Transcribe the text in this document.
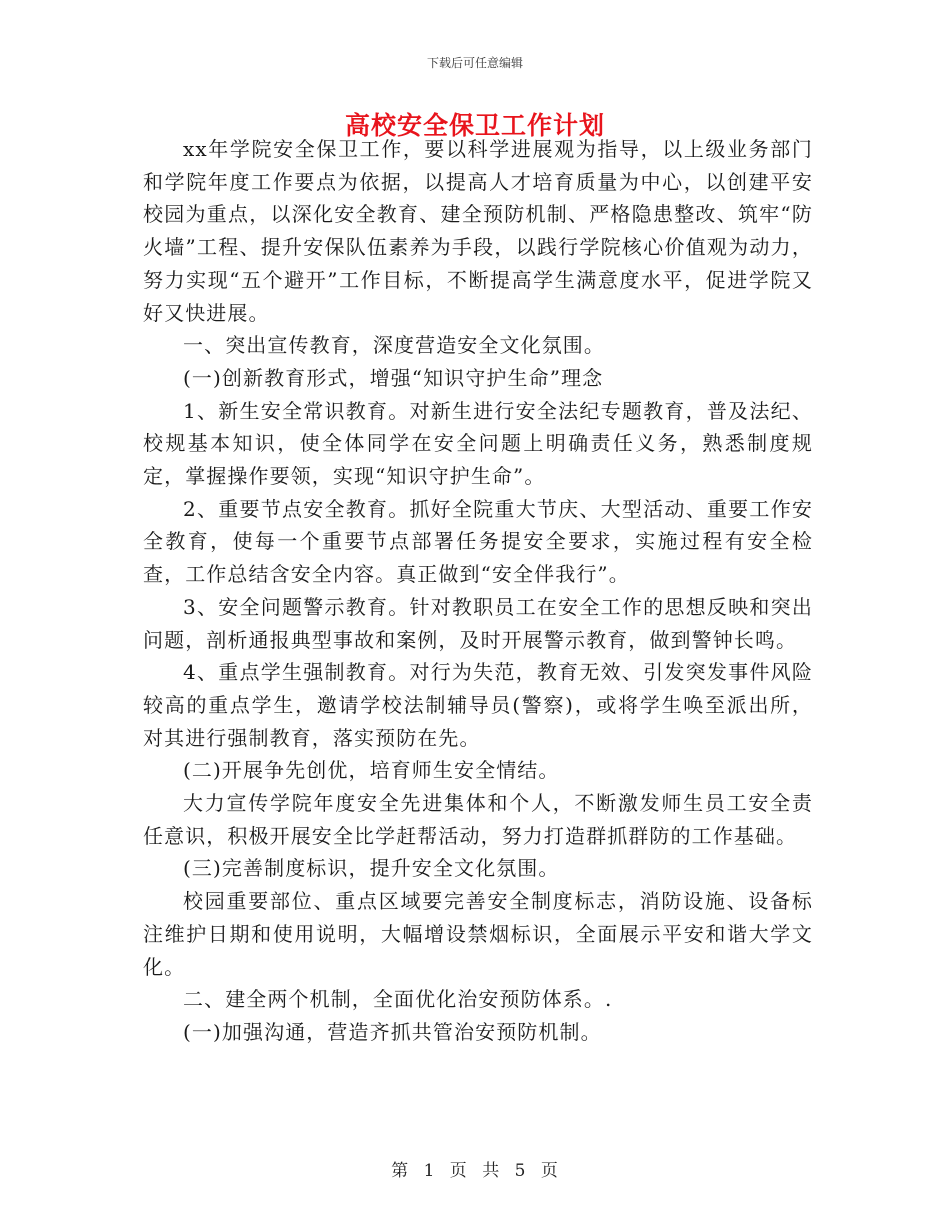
下载后可任意编辑
高校安全保卫工作计划

xx年学院安全保卫工作，要以科学进展观为指导，以上级业务部门和学院年度工作要点为依据，以提高人才培育质量为中心，以创建平安校园为重点，以深化安全教育、建全预防机制、严格隐患整改、筑牢“防火墙”工程、提升安保队伍素养为手段，以践行学院核心价值观为动力，努力实现“五个避开”工作目标，不断提高学生满意度水平，促进学院又好又快进展。

一、突出宣传教育，深度营造安全文化氛围。

(一)创新教育形式，增强“知识守护生命”理念

1、新生安全常识教育。对新生进行安全法纪专题教育，普及法纪、校规基本知识，使全体同学在安全问题上明确责任义务，熟悉制度规定，掌握操作要领，实现“知识守护生命”。

2、重要节点安全教育。抓好全院重大节庆、大型活动、重要工作安全教育，使每一个重要节点部署任务提安全要求，实施过程有安全检查，工作总结含安全内容。真正做到“安全伴我行”。

3、安全问题警示教育。针对教职员工在安全工作的思想反映和突出问题，剖析通报典型事故和案例，及时开展警示教育，做到警钟长鸣。

4、重点学生强制教育。对行为失范，教育无效、引发突发事件风险较高的重点学生，邀请学校法制辅导员(警察)，或将学生唤至派出所，对其进行强制教育，落实预防在先。

(二)开展争先创优，培育师生安全情结。

大力宣传学院年度安全先进集体和个人，不断激发师生员工安全责任意识，积极开展安全比学赶帮活动，努力打造群抓群防的工作基础。

(三)完善制度标识，提升安全文化氛围。

校园重要部位、重点区域要完善安全制度标志，消防设施、设备标注维护日期和使用说明，大幅增设禁烟标识，全面展示平安和谐大学文化。

二、建全两个机制，全面优化治安预防体系。.

(一)加强沟通，营造齐抓共管治安预防机制。

第 1 页 共 5 页
